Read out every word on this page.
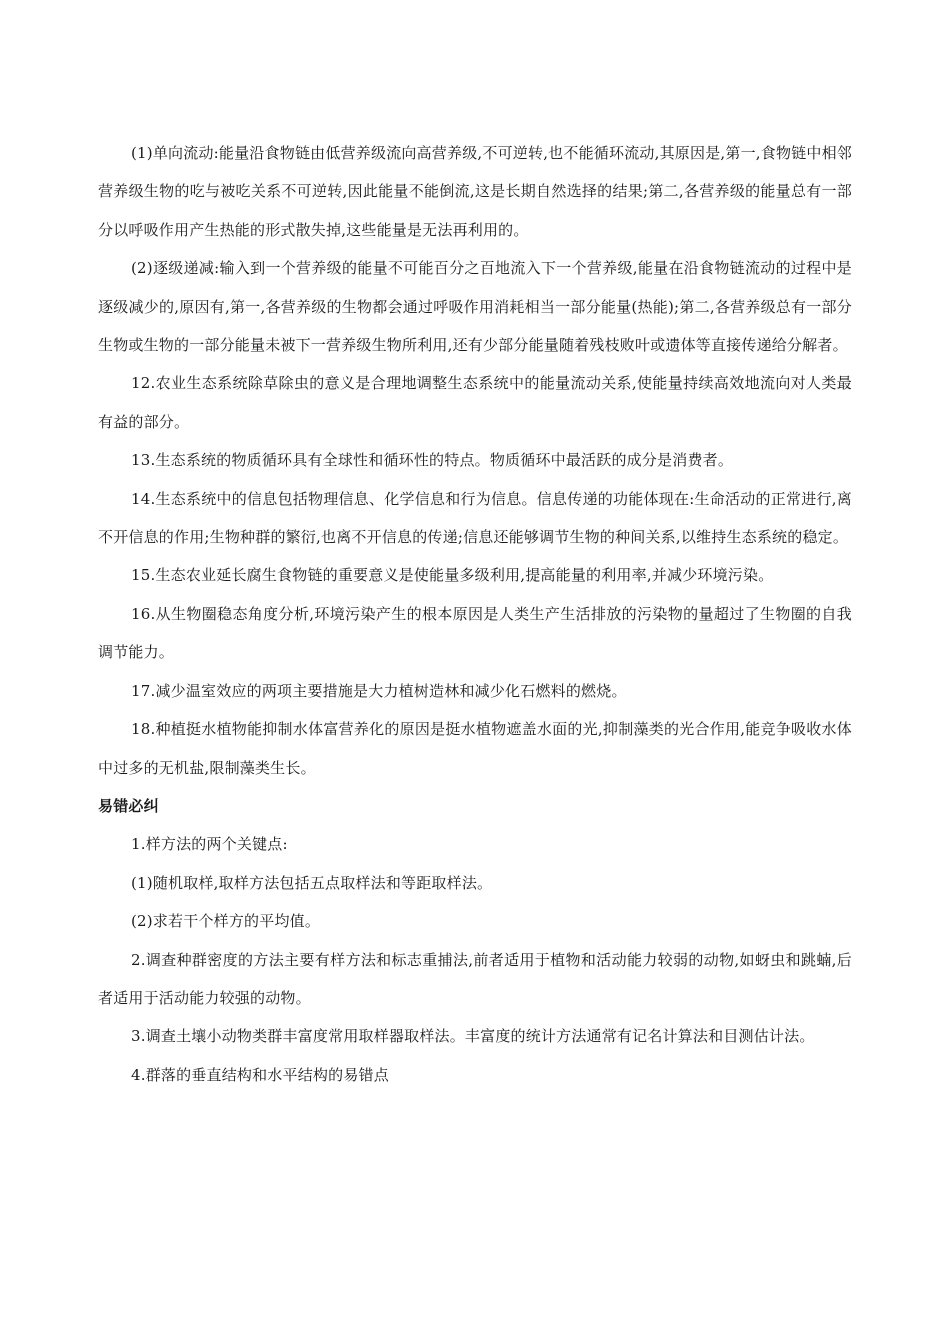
(1)单向流动:能量沿食物链由低营养级流向高营养级,不可逆转,也不能循环流动,其原因是,第一,食物链中相邻营养级生物的吃与被吃关系不可逆转,因此能量不能倒流,这是长期自然选择的结果;第二,各营养级的能量总有一部分以呼吸作用产生热能的形式散失掉,这些能量是无法再利用的。

(2)逐级递减:输入到一个营养级的能量不可能百分之百地流入下一个营养级,能量在沿食物链流动的过程中是逐级减少的,原因有,第一,各营养级的生物都会通过呼吸作用消耗相当一部分能量(热能);第二,各营养级总有一部分生物或生物的一部分能量未被下一营养级生物所利用,还有少部分能量随着残枝败叶或遗体等直接传递给分解者。

12.农业生态系统除草除虫的意义是合理地调整生态系统中的能量流动关系,使能量持续高效地流向对人类最有益的部分。

13.生态系统的物质循环具有全球性和循环性的特点。物质循环中最活跃的成分是消费者。

14.生态系统中的信息包括物理信息、化学信息和行为信息。信息传递的功能体现在:生命活动的正常进行,离不开信息的作用;生物种群的繁衍,也离不开信息的传递;信息还能够调节生物的种间关系,以维持生态系统的稳定。

15.生态农业延长腐生食物链的重要意义是使能量多级利用,提高能量的利用率,并减少环境污染。

16.从生物圈稳态角度分析,环境污染产生的根本原因是人类生产生活排放的污染物的量超过了生物圈的自我调节能力。

17.减少温室效应的两项主要措施是大力植树造林和减少化石燃料的燃烧。

18.种植挺水植物能抑制水体富营养化的原因是挺水植物遮盖水面的光,抑制藻类的光合作用,能竞争吸收水体中过多的无机盐,限制藻类生长。

易错必纠

1.样方法的两个关键点:

(1)随机取样,取样方法包括五点取样法和等距取样法。

(2)求若干个样方的平均值。

2.调查种群密度的方法主要有样方法和标志重捕法,前者适用于植物和活动能力较弱的动物,如蚜虫和跳蝻,后者适用于活动能力较强的动物。

3.调查土壤小动物类群丰富度常用取样器取样法。丰富度的统计方法通常有记名计算法和目测估计法。

4.群落的垂直结构和水平结构的易错点
